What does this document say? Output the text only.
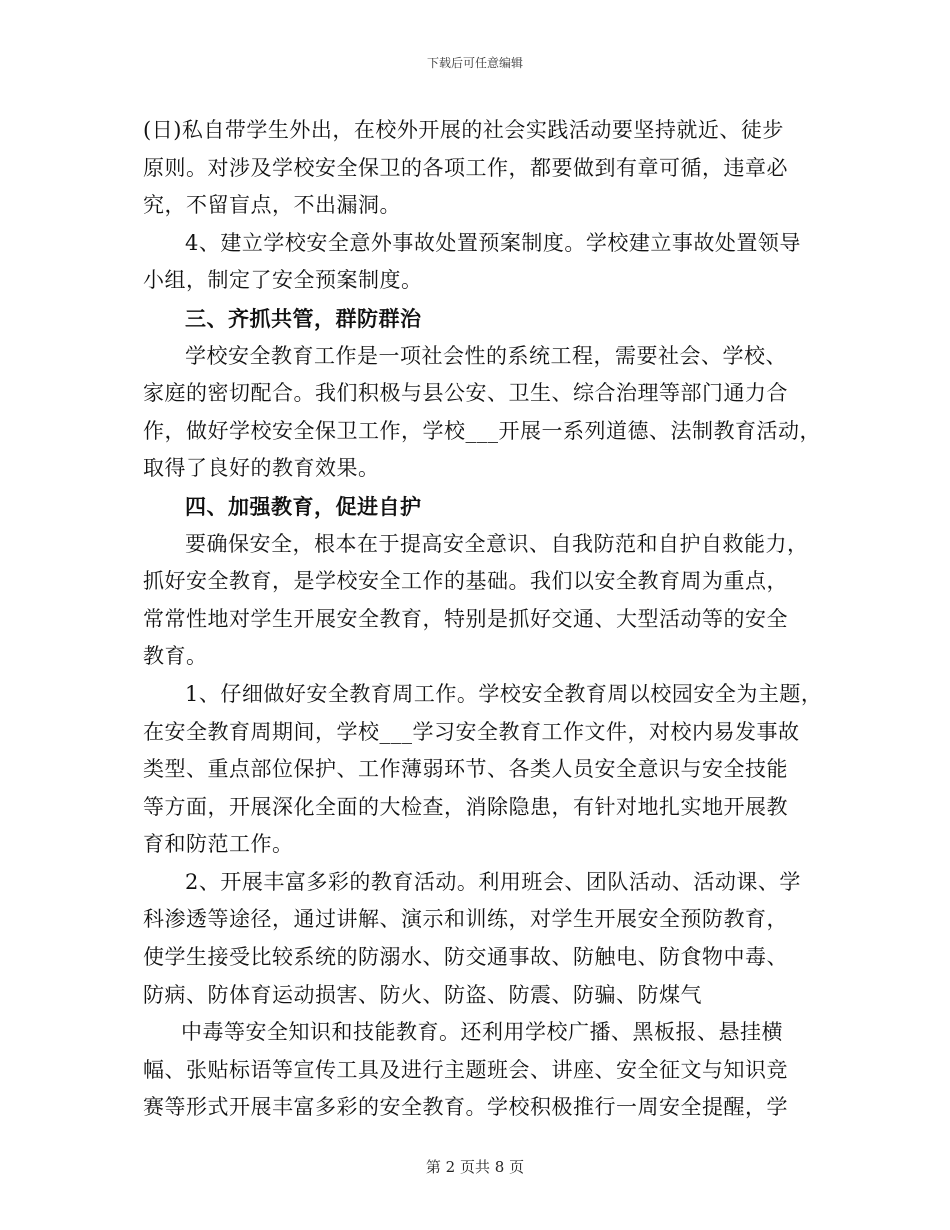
下载后可任意编辑
(日)私自带学生外出，在校外开展的社会实践活动要坚持就近、徒步
原则。对涉及学校安全保卫的各项工作，都要做到有章可循，违章必
究，不留盲点，不出漏洞。
4、建立学校安全意外事故处置预案制度。学校建立事故处置领导
小组，制定了安全预案制度。
三、齐抓共管，群防群治
学校安全教育工作是一项社会性的系统工程，需要社会、学校、
家庭的密切配合。我们积极与县公安、卫生、综合治理等部门通力合
作，做好学校安全保卫工作，学校___开展一系列道德、法制教育活动，
取得了良好的教育效果。
四、加强教育，促进自护
要确保安全，根本在于提高安全意识、自我防范和自护自救能力，
抓好安全教育，是学校安全工作的基础。我们以安全教育周为重点，
常常性地对学生开展安全教育，特别是抓好交通、大型活动等的安全
教育。
1、仔细做好安全教育周工作。学校安全教育周以校园安全为主题，
在安全教育周期间，学校___学习安全教育工作文件，对校内易发事故
类型、重点部位保护、工作薄弱环节、各类人员安全意识与安全技能
等方面，开展深化全面的大检查，消除隐患，有针对地扎实地开展教
育和防范工作。
2、开展丰富多彩的教育活动。利用班会、团队活动、活动课、学
科渗透等途径，通过讲解、演示和训练，对学生开展安全预防教育，
使学生接受比较系统的防溺水、防交通事故、防触电、防食物中毒、
防病、防体育运动损害、防火、防盗、防震、防骗、防煤气
中毒等安全知识和技能教育。还利用学校广播、黑板报、悬挂横
幅、张贴标语等宣传工具及进行主题班会、讲座、安全征文与知识竞
赛等形式开展丰富多彩的安全教育。学校积极推行一周安全提醒，学
第 2 页共 8 页
